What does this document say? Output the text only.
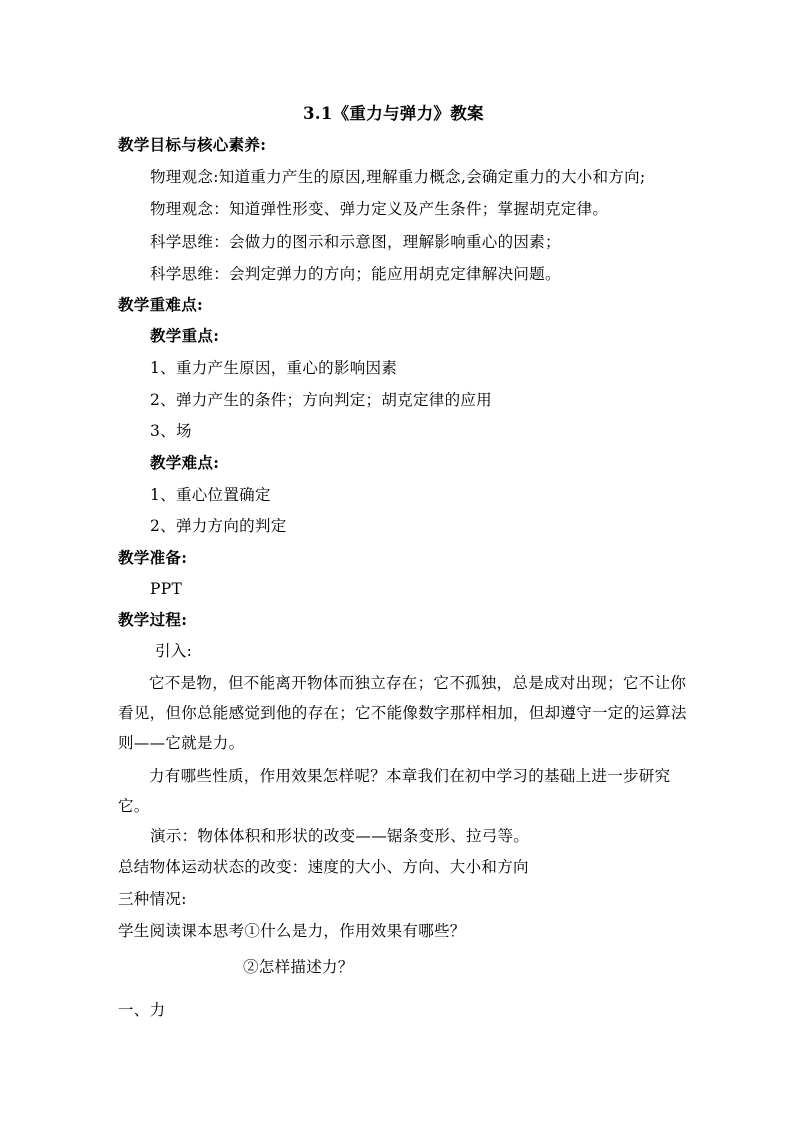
3.1《重力与弹力》教案
教学目标与核心素养:
物理观念:知道重力产生的原因,理解重力概念,会确定重力的大小和方向;
物理观念：知道弹性形变、弹力定义及产生条件；掌握胡克定律。
科学思维：会做力的图示和示意图，理解影响重心的因素；
科学思维：会判定弹力的方向；能应用胡克定律解决问题。
教学重难点:
教学重点:
1、重力产生原因，重心的影响因素
2、弹力产生的条件；方向判定；胡克定律的应用
3、场
教学难点:
1、重心位置确定
2、弹力方向的判定
教学准备:
PPT
教学过程:
引入:
它不是物，但不能离开物体而独立存在；它不孤独，总是成对出现；它不让你看见，但你总能感觉到他的存在；它不能像数字那样相加，但却遵守一定的运算法则——它就是力。
力有哪些性质，作用效果怎样呢？本章我们在初中学习的基础上进一步研究它。
演示：物体体积和形状的改变——锯条变形、拉弓等。
总结物体运动状态的改变：速度的大小、方向、大小和方向
三种情况:
学生阅读课本思考①什么是力，作用效果有哪些？
②怎样描述力？
一、力
